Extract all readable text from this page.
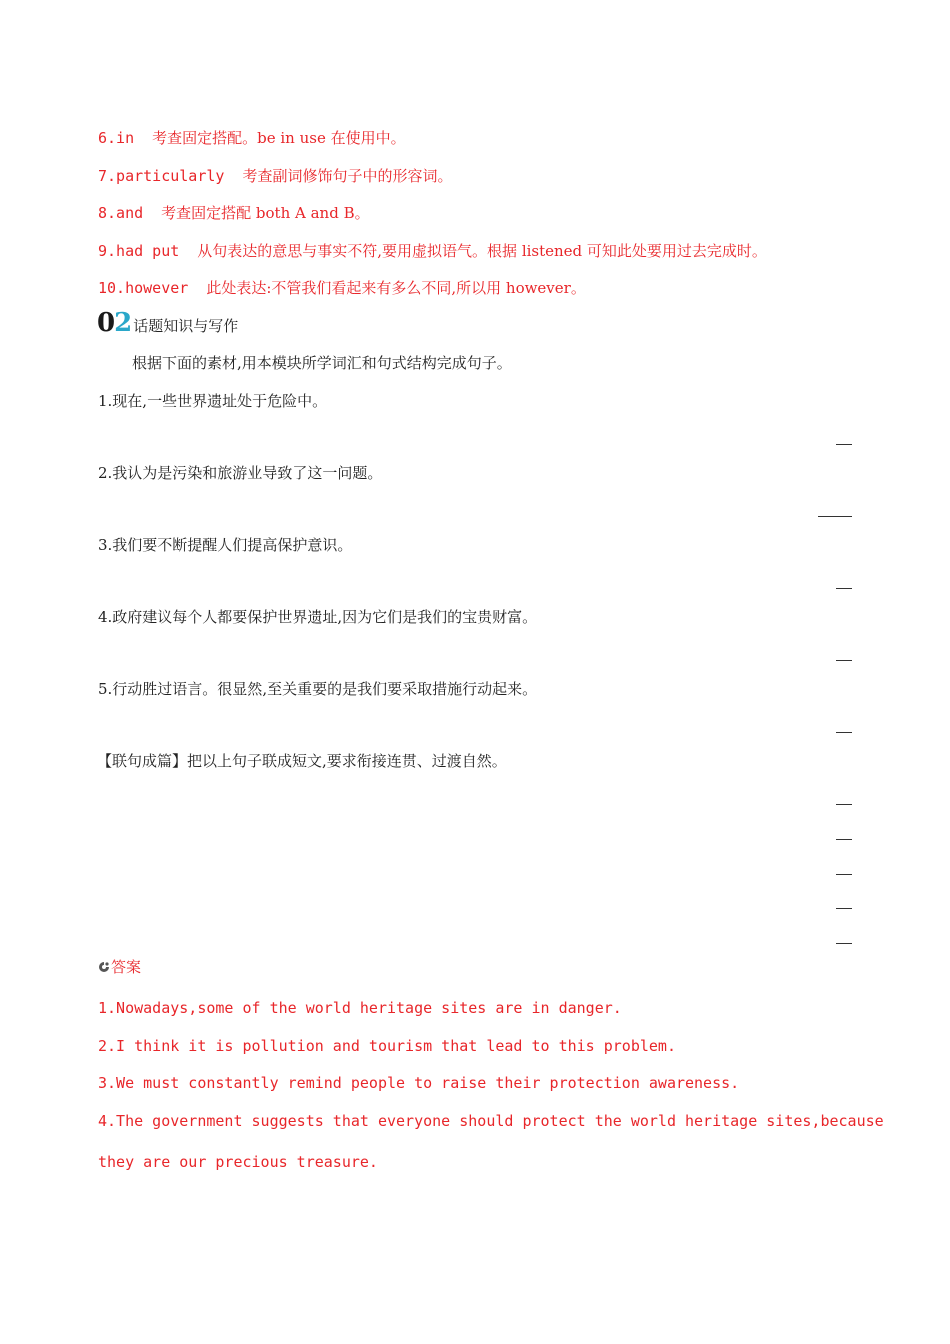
6.in 考查固定搭配。be in use 在使用中。
7.particularly 考查副词修饰句子中的形容词。
8.and 考查固定搭配 both A and B。
9.had put 从句表达的意思与事实不符,要用虚拟语气。根据 listened 可知此处要用过去完成时。
10.however 此处表达:不管我们看起来有多么不同,所以用 however。
02 话题知识与写作
根据下面的素材,用本模块所学词汇和句式结构完成句子。
1.现在,一些世界遗址处于危险中。
2.我认为是污染和旅游业导致了这一问题。
3.我们要不断提醒人们提高保护意识。
4.政府建议每个人都要保护世界遗址,因为它们是我们的宝贵财富。
5.行动胜过语言。很显然,至关重要的是我们要采取措施行动起来。
【联句成篇】把以上句子联成短文,要求衔接连贯、过渡自然。
答案
1.Nowadays,some of the world heritage sites are in danger.
2.I think it is pollution and tourism that lead to this problem.
3.We must constantly remind people to raise their protection awareness.
4.The government suggests that everyone should protect the world heritage sites,because
they are our precious treasure.
